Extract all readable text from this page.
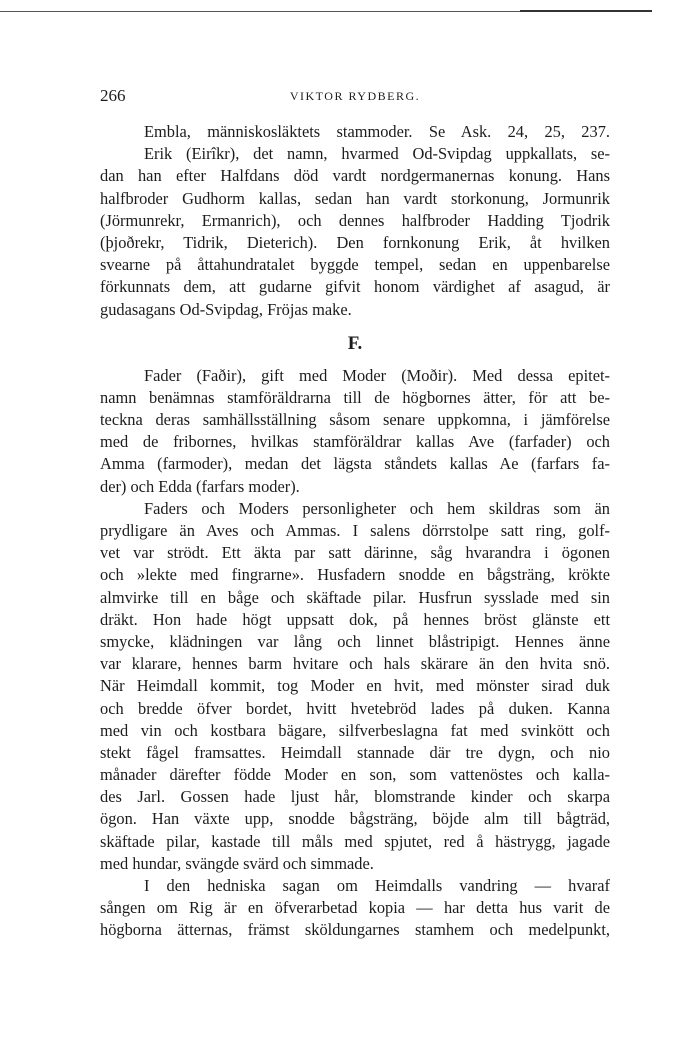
266	VIKTOR RYDBERG.
Embla, människosläktets stammoder. Se Ask. 24, 25, 237.
Erik (Eirîkr), det namn, hvarmed Od-Svipdag uppkallats, se-
dan han efter Halfdans död vardt nordgermanernas konung. Hans
halfbroder Gudhorm kallas, sedan han vardt storkonung, Jormunrik
(Jörmunrekr, Ermanrich), och dennes halfbroder Hadding Tjodrik
(þjoðrekr, Tidrik, Dieterich). Den fornkonung Erik, åt hvilken
svearne på åttahundratalet byggde tempel, sedan en uppenbarelse
förkunnats dem, att gudarne gifvit honom värdighet af asagud, är
gudasagans Od-Svipdag, Fröjas make.
F.
Fader (Faðir), gift med Moder (Moðir). Med dessa epitet-
namn benämnas stamföräldrarna till de högbornes ätter, för att be-
teckna deras samhällsställning såsom senare uppkomna, i jämförelse
med de fribornes, hvilkas stamföräldrar kallas Ave (farfader) och
Amma (farmoder), medan det lägsta ståndets kallas Ae (farfars fa-
der) och Edda (farfars moder).
Faders och Moders personligheter och hem skildras som än
prydligare än Aves och Ammas. I salens dörrstolpe satt ring, golf-
vet var strödt. Ett äkta par satt därinne, såg hvarandra i ögonen
och »lekte med fingrarne». Husfadern snodde en bågsträng, krökte
almvirke till en båge och skäftade pilar. Husfrun sysslade med sin
dräkt. Hon hade högt uppsatt dok, på hennes bröst glänste ett
smycke, klädningen var lång och linnet blåstripigt. Hennes änne
var klarare, hennes barm hvitare och hals skärare än den hvita snö.
När Heimdall kommit, tog Moder en hvit, med mönster sirad duk
och bredde öfver bordet, hvitt hvetebröd lades på duken. Kanna
med vin och kostbara bägare, silfverbeslagna fat med svinkött och
stekt fågel framsattes. Heimdall stannade där tre dygn, och nio
månader därefter födde Moder en son, som vattenöstes och kalla-
des Jarl. Gossen hade ljust hår, blomstrande kinder och skarpa
ögon. Han växte upp, snodde bågsträng, böjde alm till bågträd,
skäftade pilar, kastade till måls med spjutet, red å hästrygg, jagade
med hundar, svängde svärd och simmade.
I den hedniska sagan om Heimdalls vandring — hvaraf
sången om Rig är en öfverarbetad kopia — har detta hus varit de
högborna ätternas, främst sköldungarnes stamhem och medelpunkt,
